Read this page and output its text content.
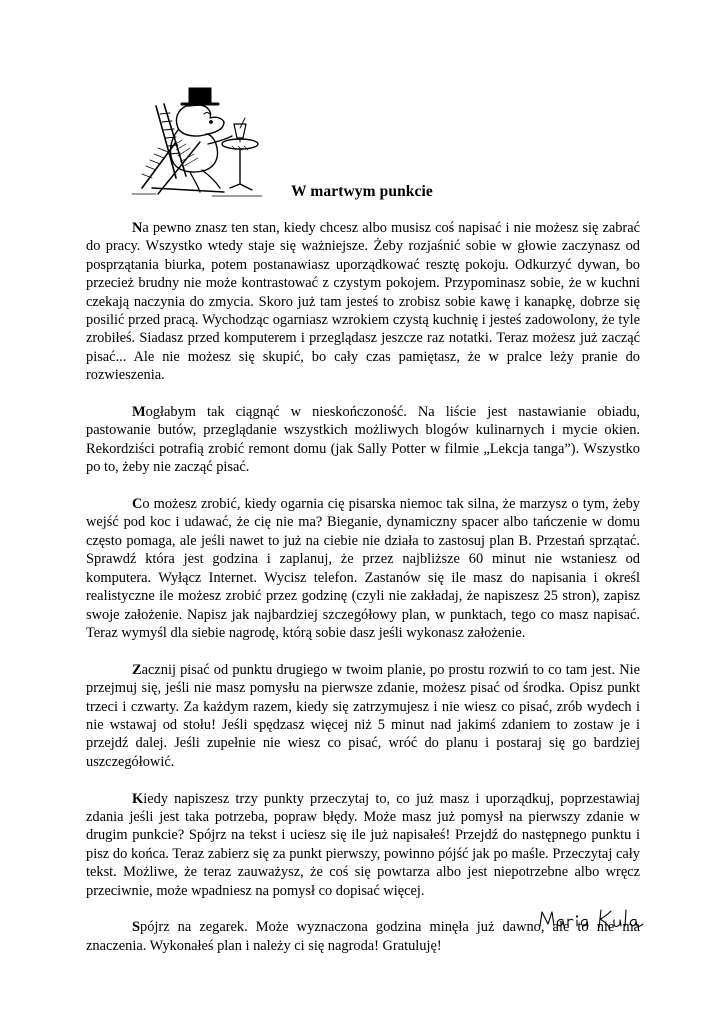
W martwym punkcie

Na pewno znasz ten stan, kiedy chcesz albo musisz coś napisać i nie możesz się zabrać do pracy. Wszystko wtedy staje się ważniejsze. Żeby rozjaśnić sobie w głowie zaczynasz od posprzątania biurka, potem postanawiasz uporządkować resztę pokoju. Odkurzyć dywan, bo przecież brudny nie może kontrastować z czystym pokojem. Przypominasz sobie, że w kuchni czekają naczynia do zmycia. Skoro już tam jesteś to zrobisz sobie kawę i kanapkę, dobrze się posilić przed pracą. Wychodząc ogarniasz wzrokiem czystą kuchnię i jesteś zadowolony, że tyle zrobiłeś. Siadasz przed komputerem i przeglądasz jeszcze raz notatki. Teraz możesz już zacząć pisać... Ale nie możesz się skupić, bo cały czas pamiętasz, że w pralce leży pranie do rozwieszenia.

Mogłabym tak ciągnąć w nieskończoność. Na liście jest nastawianie obiadu, pastowanie butów, przeglądanie wszystkich możliwych blogów kulinarnych i mycie okien. Rekordziści potrafią zrobić remont domu (jak Sally Potter w filmie „Lekcja tanga”). Wszystko po to, żeby nie zacząć pisać.

Co możesz zrobić, kiedy ogarnia cię pisarska niemoc tak silna, że marzysz o tym, żeby wejść pod koc i udawać, że cię nie ma? Bieganie, dynamiczny spacer albo tańczenie w domu często pomaga, ale jeśli nawet to już na ciebie nie działa to zastosuj plan B. Przestań sprzątać. Sprawdź która jest godzina i zaplanuj, że przez najbliższe 60 minut nie wstaniesz od komputera. Wyłącz Internet. Wycisz telefon. Zastanów się ile masz do napisania i określ realistyczne ile możesz zrobić przez godzinę (czyli nie zakładaj, że napiszesz 25 stron), zapisz swoje założenie. Napisz jak najbardziej szczegółowy plan, w punktach, tego co masz napisać. Teraz wymyśl dla siebie nagrodę, którą sobie dasz jeśli wykonasz założenie.

Zacznij pisać od punktu drugiego w twoim planie, po prostu rozwiń to co tam jest. Nie przejmuj się, jeśli nie masz pomysłu na pierwsze zdanie, możesz pisać od środka. Opisz punkt trzeci i czwarty. Za każdym razem, kiedy się zatrzymujesz i nie wiesz co pisać, zrób wydech i nie wstawaj od stołu! Jeśli spędzasz więcej niż 5 minut nad jakimś zdaniem to zostaw je i przejdź dalej. Jeśli zupełnie nie wiesz co pisać, wróć do planu i postaraj się go bardziej uszczegółowić.

Kiedy napiszesz trzy punkty przeczytaj to, co już masz i uporządkuj, poprzestawiaj zdania jeśli jest taka potrzeba, popraw błędy. Może masz już pomysł na pierwszy zdanie w drugim punkcie? Spójrz na tekst i uciesz się ile już napisałeś! Przejdź do następnego punktu i pisz do końca. Teraz zabierz się za punkt pierwszy, powinno pójść jak po maśle. Przeczytaj cały tekst. Możliwe, że teraz zauważysz, że coś się powtarza albo jest niepotrzebne albo wręcz przeciwnie, może wpadniesz na pomysł co dopisać więcej.

Spójrz na zegarek. Może wyznaczona godzina minęła już dawno, ale to nie ma znaczenia. Wykonałeś plan i należy ci się nagroda! Gratuluję!
